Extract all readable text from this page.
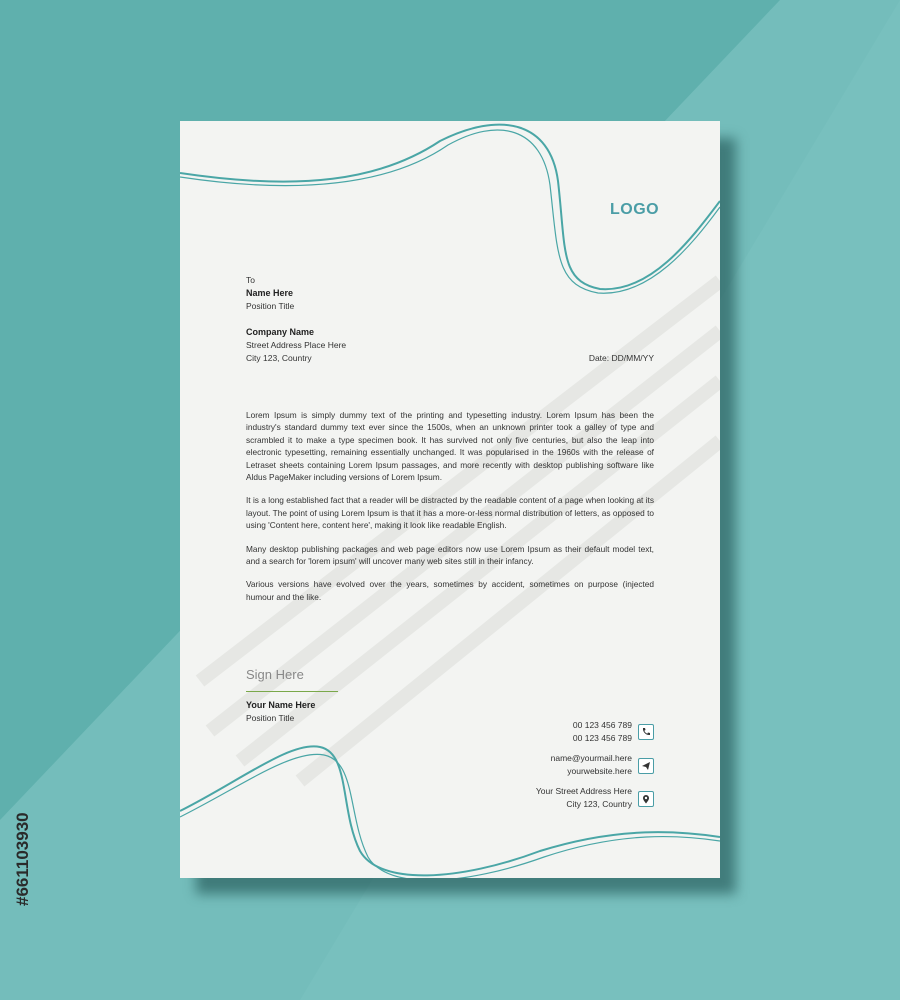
LOGO
To
Name Here
Position Title
Company Name
Street Address Place Here
City 123, Country	Date: DD/MM/YY

Lorem Ipsum is simply dummy text of the printing and typesetting industry. Lorem Ipsum has been the industry's standard dummy text ever since the 1500s, when an unknown printer took a galley of type and scrambled it to make a type specimen book. It has survived not only five centuries, but also the leap into electronic typesetting, remaining essentially unchanged. It was popularised in the 1960s with the release of Letraset sheets containing Lorem Ipsum passages, and more recently with desktop publishing software like Aldus PageMaker including versions of Lorem Ipsum.

It is a long established fact that a reader will be distracted by the readable content of a page when looking at its layout. The point of using Lorem Ipsum is that it has a more-or-less normal distribution of letters, as opposed to using 'Content here, content here', making it look like readable English.

Many desktop publishing packages and web page editors now use Lorem Ipsum as their default model text, and a search for 'lorem ipsum' will uncover many web sites still in their infancy.

Various versions have evolved over the years, sometimes by accident, sometimes on purpose (injected humour and the like.

Sign Here
Your Name Here
Position Title
00 123 456 789
00 123 456 789
name@yourmail.here
yourwebsite.here
Your Street Address Here
City 123, Country
#661103930
